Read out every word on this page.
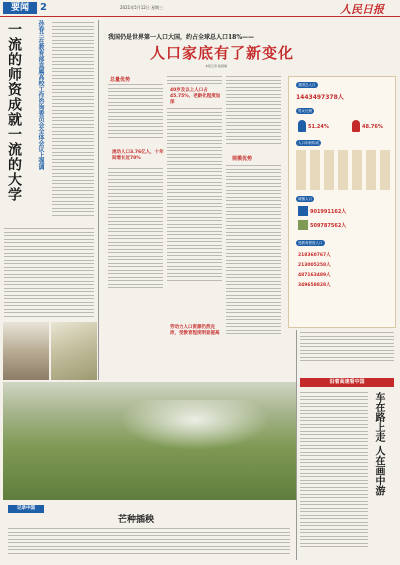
要闻	2	2021年5月12日 星期三	人民日报
孙春兰在教育部直属高校工作咨询委员会全体会议上强调
一流的师资成就一流的大学	我国仍是世界第一人口大国，约占全球总人口18%——
人口家底有了新变化
本报记者 陆娅楠
总量优势
流动人口3.76亿人，十年间增长近70%
40岁及以上人口占45.75%，老龄化程度加深
劳动力人口资源仍然充沛，受教育程度明显提高
规模优势
我国总人口
1443497378人
男女比例
51.24%	48.76%
人口年龄构成
城镇人口
901991162人
509787562人
受教育程度人口
218360767人
213005258人
487163489人
349658828人
沿着高速看中国
车在路上走 人在画中游
记录中国
芒种插秧
